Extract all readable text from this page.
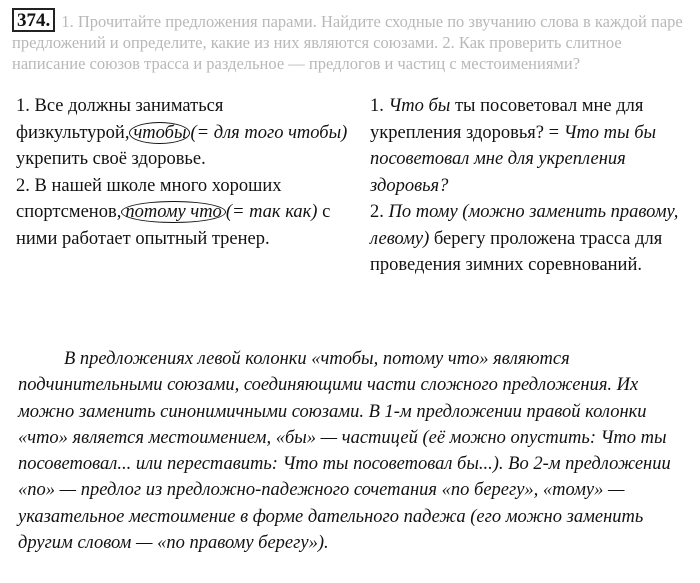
374. 1. Прочитайте предложения парами. Найдите сходные по звучанию слова в каждой паре предложений и определите, какие из них являются союзами. 2. Как проверить слитное написание союзов трасса и раздельное — предлогов и частиц с местоимениями?

1. Все должны заниматься физкультурой, чтобы (= для того чтобы) укрепить своё здоровье.

2. В нашей школе много хороших спортсменов, потому что (= так как) с ними работает опытный тренер.

1. Что бы ты посоветовал мне для укрепления здоровья? = Что ты бы посоветовал мне для укрепления здоровья?

2. По тому (можно заменить правому, левому) берегу проложена трасса для проведения зимних соревнований.

В предложениях левой колонки «чтобы, потому что» являются подчинительными союзами, соединяющими части сложного предложения. Их можно заменить синонимичными союзами. В 1-м предложении правой колонки «что» является местоимением, «бы» — частицей (её можно опустить: Что ты посоветовал... или переставить: Что ты посоветовал бы...). Во 2-м предложении «по» — предлог из предложно-падежного сочетания «по берегу», «тому» — указательное местоимение в форме дательного падежа (его можно заменить другим словом — «по правому берегу»).
